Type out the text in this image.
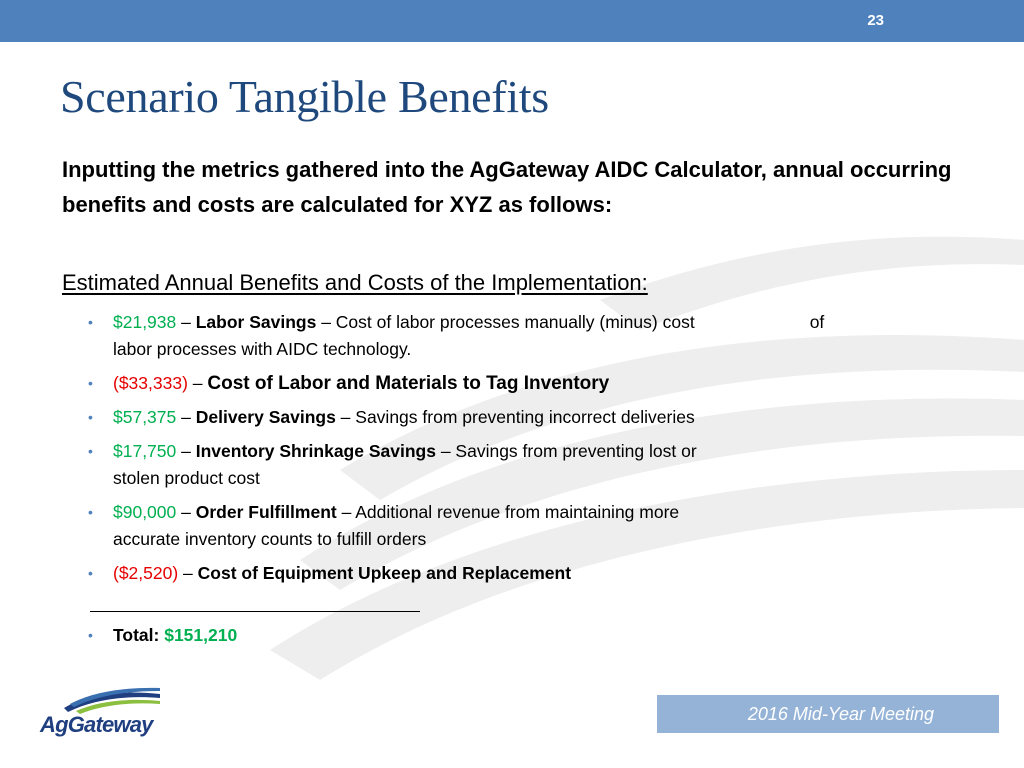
23
Scenario Tangible Benefits

Inputting the metrics gathered into the AgGateway AIDC Calculator, annual occurring benefits and costs are calculated for XYZ as follows:

Estimated Annual Benefits and Costs of the Implementation:

• $21,938 – Labor Savings – Cost of labor processes manually (minus) cost	of
labor processes with AIDC technology.
• ($33,333) – Cost of Labor and Materials to Tag Inventory
• $57,375 – Delivery Savings – Savings from preventing incorrect deliveries
• $17,750 – Inventory Shrinkage Savings – Savings from preventing lost or
stolen product cost
• $90,000 – Order Fulfillment – Additional revenue from maintaining more
accurate inventory counts to fulfill orders
• ($2,520) – Cost of Equipment Upkeep and Replacement
• Total: $151,210
AgGateway	2016 Mid-Year Meeting
